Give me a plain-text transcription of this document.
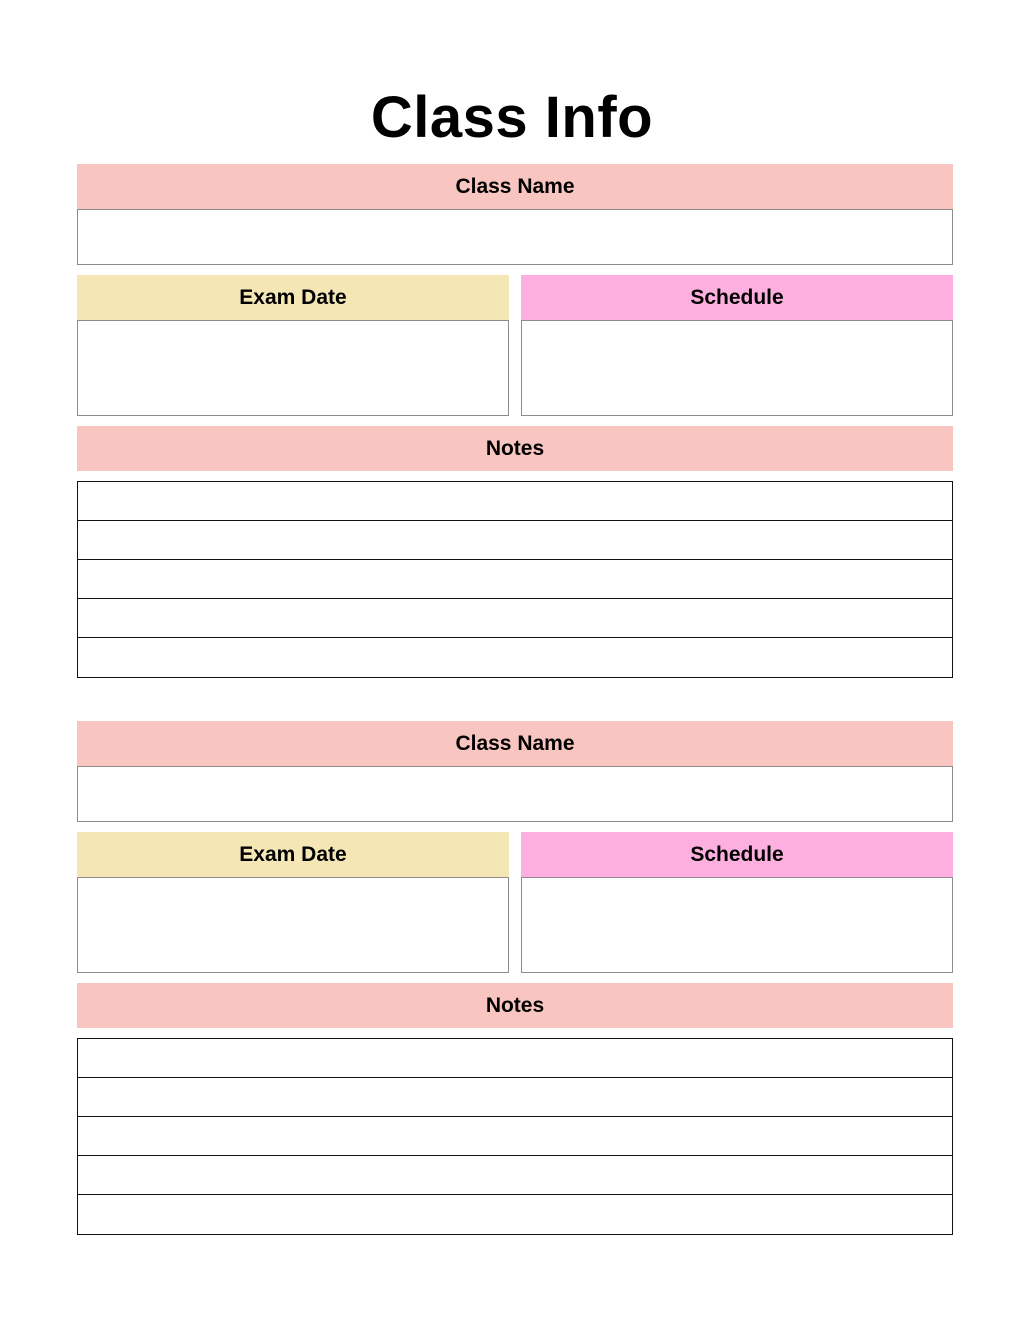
Class Info
Class Name
Exam Date	Schedule
Notes
Class Name
Exam Date	Schedule
Notes
